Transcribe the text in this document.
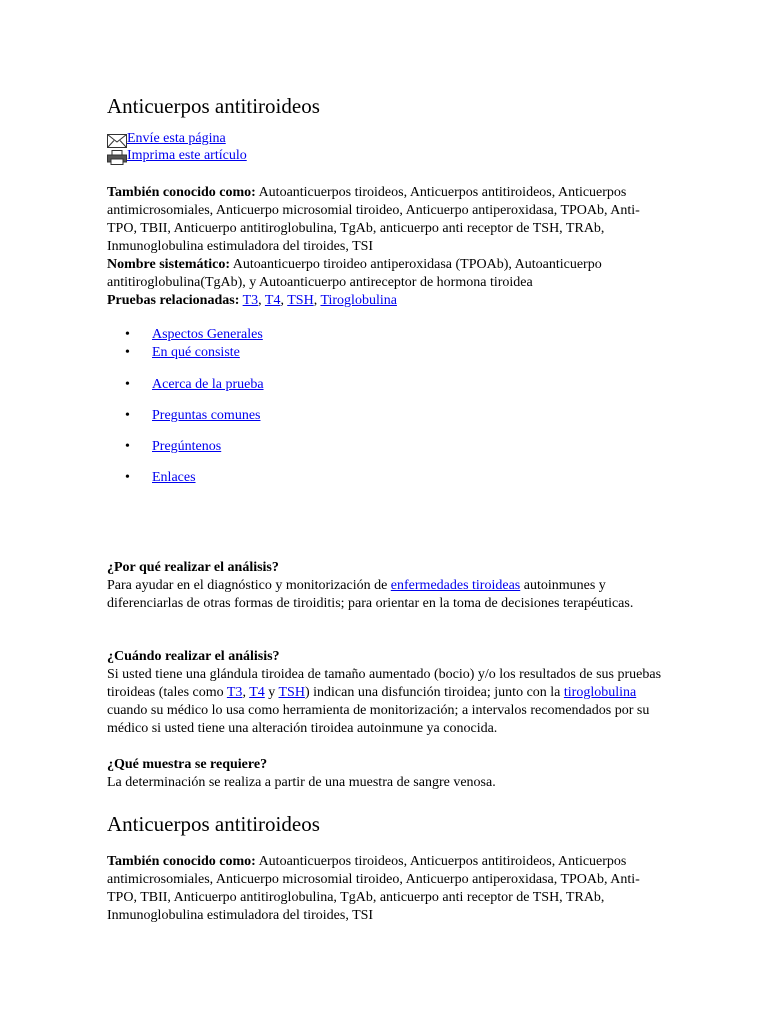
Anticuerpos antitiroideos
Envíe esta página
Imprima este artículo
También conocido como: Autoanticuerpos tiroideos, Anticuerpos antitiroideos, Anticuerpos antimicrosomiales, Anticuerpo microsomial tiroideo, Anticuerpo antiperoxidasa, TPOAb, Anti-TPO, TBII, Anticuerpo antitiroglobulina, TgAb, anticuerpo anti receptor de TSH, TRAb, Inmunoglobulina estimuladora del tiroides, TSI
Nombre sistemático: Autoanticuerpo tiroideo antiperoxidasa (TPOAb), Autoanticuerpo antitiroglobulina(TgAb), y Autoanticuerpo antireceptor de hormona tiroidea
Pruebas relacionadas: T3, T4, TSH, Tiroglobulina
• Aspectos Generales
• En qué consiste
• Acerca de la prueba
• Preguntas comunes
• Pregúntenos
• Enlaces
¿Por qué realizar el análisis?
Para ayudar en el diagnóstico y monitorización de enfermedades tiroideas autoinmunes y diferenciarlas de otras formas de tiroiditis; para orientar en la toma de decisiones terapéuticas.
¿Cuándo realizar el análisis?
Si usted tiene una glándula tiroidea de tamaño aumentado (bocio) y/o los resultados de sus pruebas tiroideas (tales como T3, T4 y TSH) indican una disfunción tiroidea; junto con la tiroglobulina cuando su médico lo usa como herramienta de monitorización; a intervalos recomendados por su médico si usted tiene una alteración tiroidea autoinmune ya conocida.
¿Qué muestra se requiere?
La determinación se realiza a partir de una muestra de sangre venosa.
Anticuerpos antitiroideos
También conocido como: Autoanticuerpos tiroideos, Anticuerpos antitiroideos, Anticuerpos antimicrosomiales, Anticuerpo microsomial tiroideo, Anticuerpo antiperoxidasa, TPOAb, Anti-TPO, TBII, Anticuerpo antitiroglobulina, TgAb, anticuerpo anti receptor de TSH, TRAb, Inmunoglobulina estimuladora del tiroides, TSI
